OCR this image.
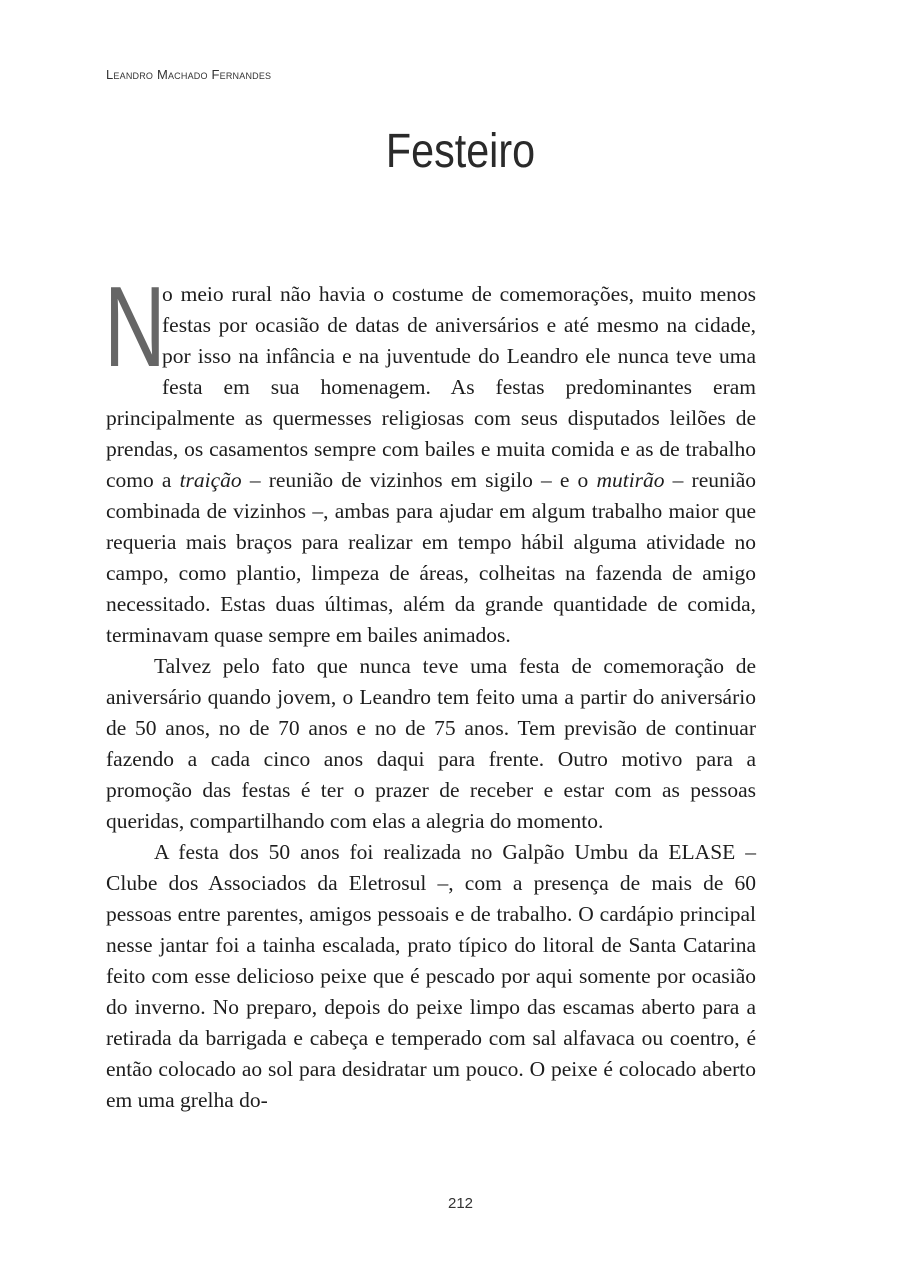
Leandro Machado Fernandes
Festeiro

N
o meio rural não havia o costume de comemorações, muito menos festas por ocasião de datas de aniversários e até mesmo na cidade, por isso na infância e na juventude do Leandro ele nunca teve uma festa em sua homenagem. As festas predominantes eram principalmente as quermesses religiosas com seus disputados leilões de prendas, os casamentos sempre com bailes e muita comida e as de trabalho como a traição – reunião de vizinhos em sigilo – e o mutirão – reunião combinada de vizinhos –, ambas para ajudar em algum trabalho maior que requeria mais braços para realizar em tempo hábil alguma atividade no campo, como plantio, limpeza de áreas, colheitas na fazenda de amigo necessitado. Estas duas últimas, além da grande quantidade de comida, terminavam quase sempre em bailes animados.

Talvez pelo fato que nunca teve uma festa de comemoração de aniversário quando jovem, o Leandro tem feito uma a partir do aniversário de 50 anos, no de 70 anos e no de 75 anos. Tem previsão de continuar fazendo a cada cinco anos daqui para frente. Outro motivo para a promoção das festas é ter o prazer de receber e estar com as pessoas queridas, compartilhando com elas a alegria do momento.

A festa dos 50 anos foi realizada no Galpão Umbu da ELASE – Clube dos Associados da Eletrosul –, com a presença de mais de 60 pessoas entre parentes, amigos pessoais e de trabalho. O cardápio principal nesse jantar foi a tainha escalada, prato típico do litoral de Santa Catarina feito com esse delicioso peixe que é pescado por aqui somente por ocasião do inverno. No preparo, depois do peixe limpo das escamas aberto para a retirada da barrigada e cabeça e temperado com sal alfavaca ou coentro, é então colocado ao sol para desidratar um pouco. O peixe é colocado aberto em uma grelha do-

212
